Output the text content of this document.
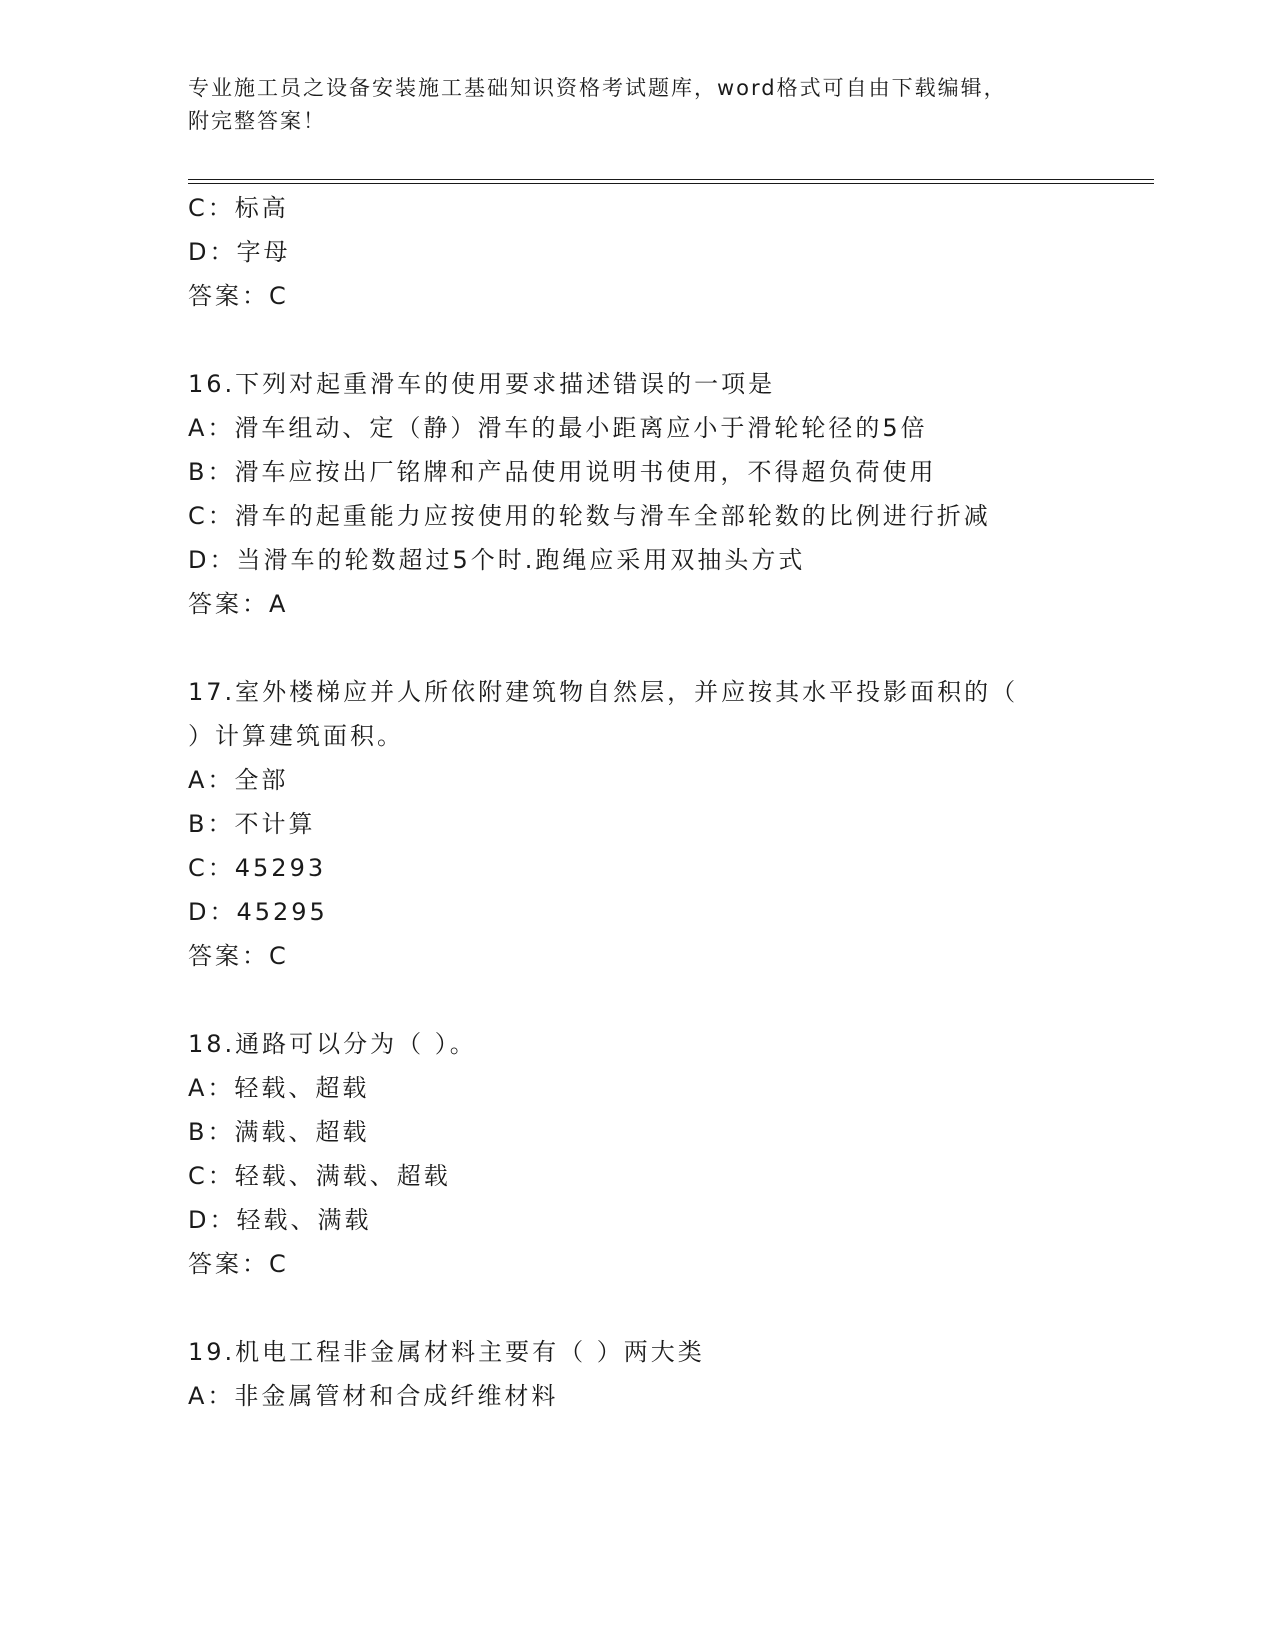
专业施工员之设备安装施工基础知识资格考试题库，word格式可自由下载编辑，
附完整答案！
C：标高
D：字母
答案：C
16.下列对起重滑车的使用要求描述错误的一项是
A：滑车组动、定（静）滑车的最小距离应小于滑轮轮径的5倍
B：滑车应按出厂铭牌和产品使用说明书使用，不得超负荷使用
C：滑车的起重能力应按使用的轮数与滑车全部轮数的比例进行折减
D：当滑车的轮数超过5个时.跑绳应采用双抽头方式
答案：A
17.室外楼梯应并人所依附建筑物自然层，并应按其水平投影面积的（
）计算建筑面积。
A：全部
B：不计算
C：45293
D：45295
答案：C
18.通路可以分为（ ）。
A：轻载、超载
B：满载、超载
C：轻载、满载、超载
D：轻载、满载
答案：C
19.机电工程非金属材料主要有（ ）两大类
A：非金属管材和合成纤维材料
